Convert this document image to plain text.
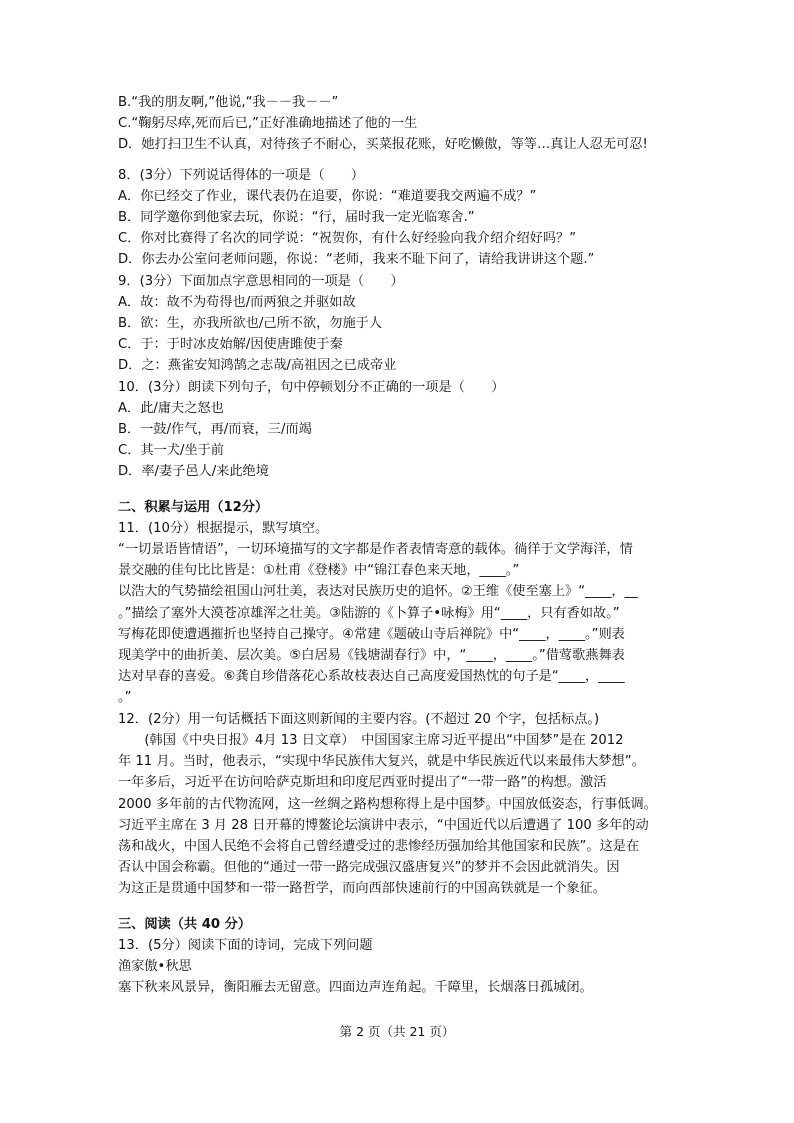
B.“我的朋友啊,”他说,“我－－我－－”

C.“鞠躬尽瘁,死而后已,”正好准确地描述了他的一生

D．她打扫卫生不认真，对待孩子不耐心，买菜报花账，好吃懒傲，等等…真让人忍无可忍!

8．(3分）下列说话得体的一项是（　　）

A．你已经交了作业，课代表仍在追要，你说：“难道要我交两遍不成？”

B．同学邀你到他家去玩，你说：“行，届时我一定光临寒舍.”

C．你对比赛得了名次的同学说：“祝贺你，有什么好经验向我介绍介绍好吗？”

D．你去办公室问老师问题，你说：“老师，我来不耻下问了，请给我讲讲这个题.”

9．(3分）下面加点字意思相同的一项是（　　）

A．故：故不为苟得也/而两狼之并驱如故

B．欲：生，亦我所欲也/己所不欲，勿施于人

C．于：于时冰皮始解/因使唐雎使于秦

D．之：燕雀安知鸿鹄之志哉/高祖因之已成帝业

10．(3分）朗读下列句子，句中停顿划分不正确的一项是（　　）

A．此/庸夫之怒也

B．一鼓/作气，再/而衰，三/而竭

C．其一犬/坐于前

D．率/妻子邑人/来此绝境

二、积累与运用（12分）

11．(10分）根据提示，默写填空。

“一切景语皆情语”，一切环境描写的文字都是作者表情寄意的载体。徜徉于文学海洋，情

景交融的佳句比比皆是：①杜甫《登楼》中“锦江春色来天地，____。”

以浩大的气势描绘祖国山河壮美，表达对民族历史的追怀。②王维《使至塞上》“____，__

。”描绘了塞外大漠苍凉雄浑之壮美。③陆游的《卜算子•咏梅》用“____，只有香如故。”

写梅花即使遭遇摧折也坚持自己操守。④常建《题破山寺后禅院》中“____，____。”则表

现美学中的曲折美、层次美。⑤白居易《钱塘湖春行》中，“____，____。”借莺歌燕舞表

达对早春的喜爱。⑥龚自珍借落花心系故枝表达自己高度爱国热忱的句子是“____，____

。”

12．(2分）用一句话概括下面这则新闻的主要内容。(不超过 20 个字，包括标点。)

　　(韩国《中央日报》4月 13 日文章）　中国国家主席习近平提出“中国梦”是在 2012

年 11 月。当时，他表示，“实现中华民族伟大复兴，就是中华民族近代以来最伟大梦想”。

一年多后，习近平在访问哈萨克斯坦和印度尼西亚时提出了“一带一路”的构想。激活

2000 多年前的古代物流网，这一丝绸之路构想称得上是中国梦。中国放低姿态，行事低调。

习近平主席在 3 月 28 日开幕的博鳌论坛演讲中表示，“中国近代以后遭遇了 100 多年的动

荡和战火，中国人民绝不会将自己曾经遭受过的悲惨经历强加给其他国家和民族”。这是在

否认中国会称霸。但他的“通过一带一路完成强汉盛唐复兴”的梦并不会因此就消失。因

为这正是贯通中国梦和一带一路哲学，而向西部快速前行的中国高铁就是一个象征。

三、阅读（共 40 分）

13．(5分）阅读下面的诗词，完成下列问题

渔家傲•秋思

塞下秋来风景异，衡阳雁去无留意。四面边声连角起。千障里，长烟落日孤城闭。

第 2 页（共 21 页）
